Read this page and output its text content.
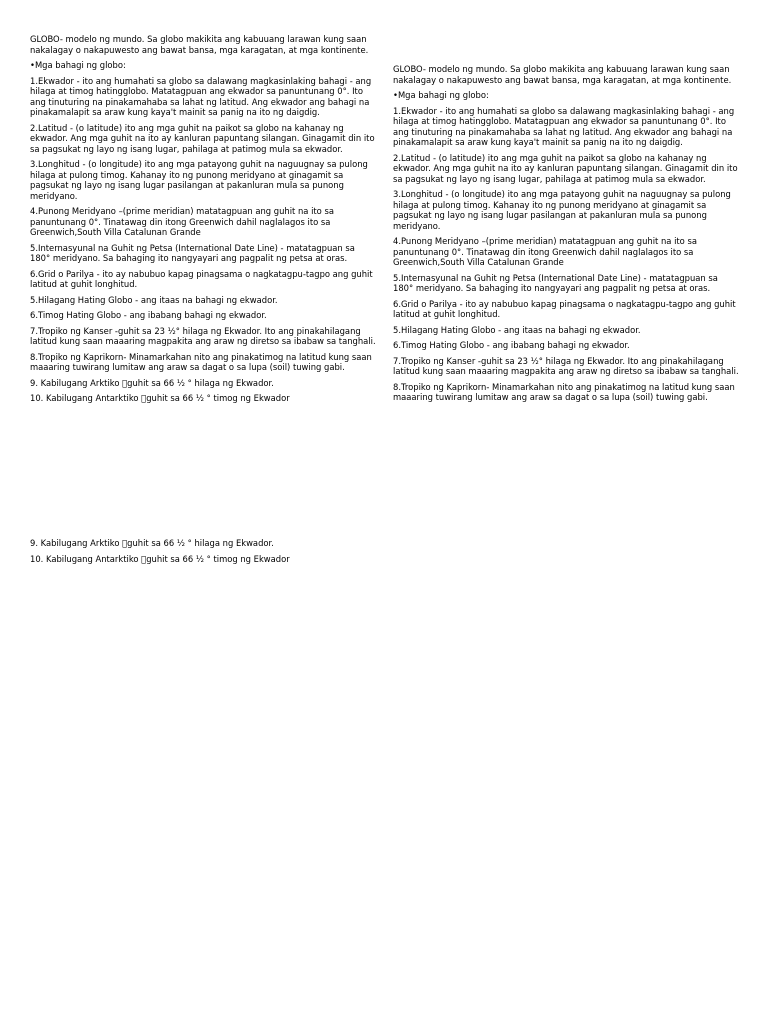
GLOBO- modelo ng mundo. Sa globo makikita ang kabuuang larawan kung saan nakalagay o nakapuwesto ang bawat bansa, mga karagatan, at mga kontinente.

•Mga bahagi ng globo:

1.Ekwador - ito ang humahati sa globo sa dalawang magkasinlaking bahagi - ang hilaga at timog hatingglobo. Matatagpuan ang ekwador sa panuntunang 0°. Ito ang tinuturing na pinakamahaba sa lahat ng latitud. Ang ekwador ang bahagi na pinakamalapit sa araw kung kaya't mainit sa panig na ito ng daigdig.

2.Latitud - (o latitude) ito ang mga guhit na paikot sa globo na kahanay ng ekwador. Ang mga guhit na ito ay kanluran papuntang silangan. Ginagamit din ito sa pagsukat ng layo ng isang lugar, pahilaga at patimog mula sa ekwador.

3.Longhitud - (o longitude) ito ang mga patayong guhit na naguugnay sa pulong hilaga at pulong timog. Kahanay ito ng punong meridyano at ginagamit sa pagsukat ng layo ng isang lugar pasilangan at pakanluran mula sa punong meridyano.

4.Punong Meridyano –(prime meridian) matatagpuan ang guhit na ito sa panuntunang 0°. Tinatawag din itong Greenwich dahil naglalagos ito sa Greenwich,South Villa Catalunan Grande

5.Internasyunal na Guhit ng Petsa (International Date Line) - matatagpuan sa 180° meridyano. Sa bahaging ito nangyayari ang pagpalit ng petsa at oras.

6.Grid o Parilya - ito ay nabubuo kapag pinagsama o nagkatagpu-tagpo ang guhit latitud at guhit longhitud.

5.Hilagang Hating Globo - ang itaas na bahagi ng ekwador.

6.Timog Hating Globo - ang ibabang bahagi ng ekwador.

7.Tropiko ng Kanser -guhit sa 23 ½° hilaga ng Ekwador. Ito ang pinakahilagang latitud kung saan maaaring magpakita ang araw ng diretso sa ibabaw sa tanghali.

8.Tropiko ng Kaprikorn- Minamarkahan nito ang pinakatimog na latitud kung saan maaaring tuwirang lumitaw ang araw sa dagat o sa lupa (soil) tuwing gabi.

9. Kabilugang Arktiko  guhit sa 66 ½ ° hilaga ng Ekwador.

10. Kabilugang Antarktiko  guhit sa 66 ½ ° timog ng Ekwador

GLOBO- modelo ng mundo. Sa globo makikita ang kabuuang larawan kung saan nakalagay o nakapuwesto ang bawat bansa, mga karagatan, at mga kontinente.

•Mga bahagi ng globo:

1.Ekwador - ito ang humahati sa globo sa dalawang magkasinlaking bahagi - ang hilaga at timog hatingglobo. Matatagpuan ang ekwador sa panuntunang 0°. Ito ang tinuturing na pinakamahaba sa lahat ng latitud. Ang ekwador ang bahagi na pinakamalapit sa araw kung kaya't mainit sa panig na ito ng daigdig.

2.Latitud - (o latitude) ito ang mga guhit na paikot sa globo na kahanay ng ekwador. Ang mga guhit na ito ay kanluran papuntang silangan. Ginagamit din ito sa pagsukat ng layo ng isang lugar, pahilaga at patimog mula sa ekwador.

3.Longhitud - (o longitude) ito ang mga patayong guhit na naguugnay sa pulong hilaga at pulong timog. Kahanay ito ng punong meridyano at ginagamit sa pagsukat ng layo ng isang lugar pasilangan at pakanluran mula sa punong meridyano.

4.Punong Meridyano –(prime meridian) matatagpuan ang guhit na ito sa panuntunang 0°. Tinatawag din itong Greenwich dahil naglalagos ito sa Greenwich,South Villa Catalunan Grande

5.Internasyunal na Guhit ng Petsa (International Date Line) - matatagpuan sa 180° meridyano. Sa bahaging ito nangyayari ang pagpalit ng petsa at oras.

6.Grid o Parilya - ito ay nabubuo kapag pinagsama o nagkatagpu-tagpo ang guhit latitud at guhit longhitud.

5.Hilagang Hating Globo - ang itaas na bahagi ng ekwador.

6.Timog Hating Globo - ang ibabang bahagi ng ekwador.

7.Tropiko ng Kanser -guhit sa 23 ½° hilaga ng Ekwador. Ito ang pinakahilagang latitud kung saan maaaring magpakita ang araw ng diretso sa ibabaw sa tanghali.

8.Tropiko ng Kaprikorn- Minamarkahan nito ang pinakatimog na latitud kung saan maaaring tuwirang lumitaw ang araw sa dagat o sa lupa (soil) tuwing gabi.

9. Kabilugang Arktiko  guhit sa 66 ½ ° hilaga ng Ekwador.

10. Kabilugang Antarktiko  guhit sa 66 ½ ° timog ng Ekwador
